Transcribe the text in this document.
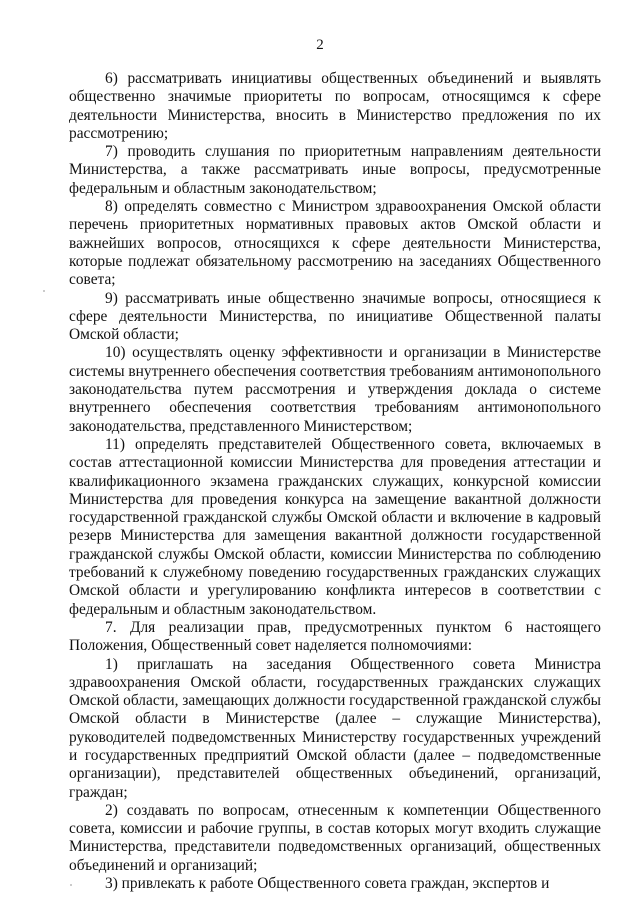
2

6) рассматривать инициативы общественных объединений и выявлять общественно значимые приоритеты по вопросам, относящимся к сфере деятельности Министерства, вносить в Министерство предложения по их рассмотрению;

7) проводить слушания по приоритетным направлениям деятельности Министерства, а также рассматривать иные вопросы, предусмотренные федеральным и областным законодательством;

8) определять совместно с Министром здравоохранения Омской области перечень приоритетных нормативных правовых актов Омской области и важнейших вопросов, относящихся к сфере деятельности Министерства, которые подлежат обязательному рассмотрению на заседаниях Общественного совета;

9) рассматривать иные общественно значимые вопросы, относящиеся к сфере деятельности Министерства, по инициативе Общественной палаты Омской области;

10) осуществлять оценку эффективности и организации в Министерстве системы внутреннего обеспечения соответствия требованиям антимонопольного законодательства путем рассмотрения и утверждения доклада о системе внутреннего обеспечения соответствия требованиям антимонопольного законодательства, представленного Министерством;

11) определять представителей Общественного совета, включаемых в состав аттестационной комиссии Министерства для проведения аттестации и квалификационного экзамена гражданских служащих, конкурсной комиссии Министерства для проведения конкурса на замещение вакантной должности государственной гражданской службы Омской области и включение в кадровый резерв Министерства для замещения вакантной должности государственной гражданской службы Омской области, комиссии Министерства по соблюдению требований к служебному поведению государственных гражданских служащих Омской области и урегулированию конфликта интересов в соответствии с федеральным и областным законодательством.

7. Для реализации прав, предусмотренных пунктом 6 настоящего Положения, Общественный совет наделяется полномочиями:

1) приглашать на заседания Общественного совета Министра здравоохранения Омской области, государственных гражданских служащих Омской области, замещающих должности государственной гражданской службы Омской области в Министерстве (далее – служащие Министерства), руководителей подведомственных Министерству государственных учреждений и государственных предприятий Омской области (далее – подведомственные организации), представителей общественных объединений, организаций, граждан;

2) создавать по вопросам, отнесенным к компетенции Общественного совета, комиссии и рабочие группы, в состав которых могут входить служащие Министерства, представители подведомственных организаций, общественных объединений и организаций;

3) привлекать к работе Общественного совета граждан, экспертов и
